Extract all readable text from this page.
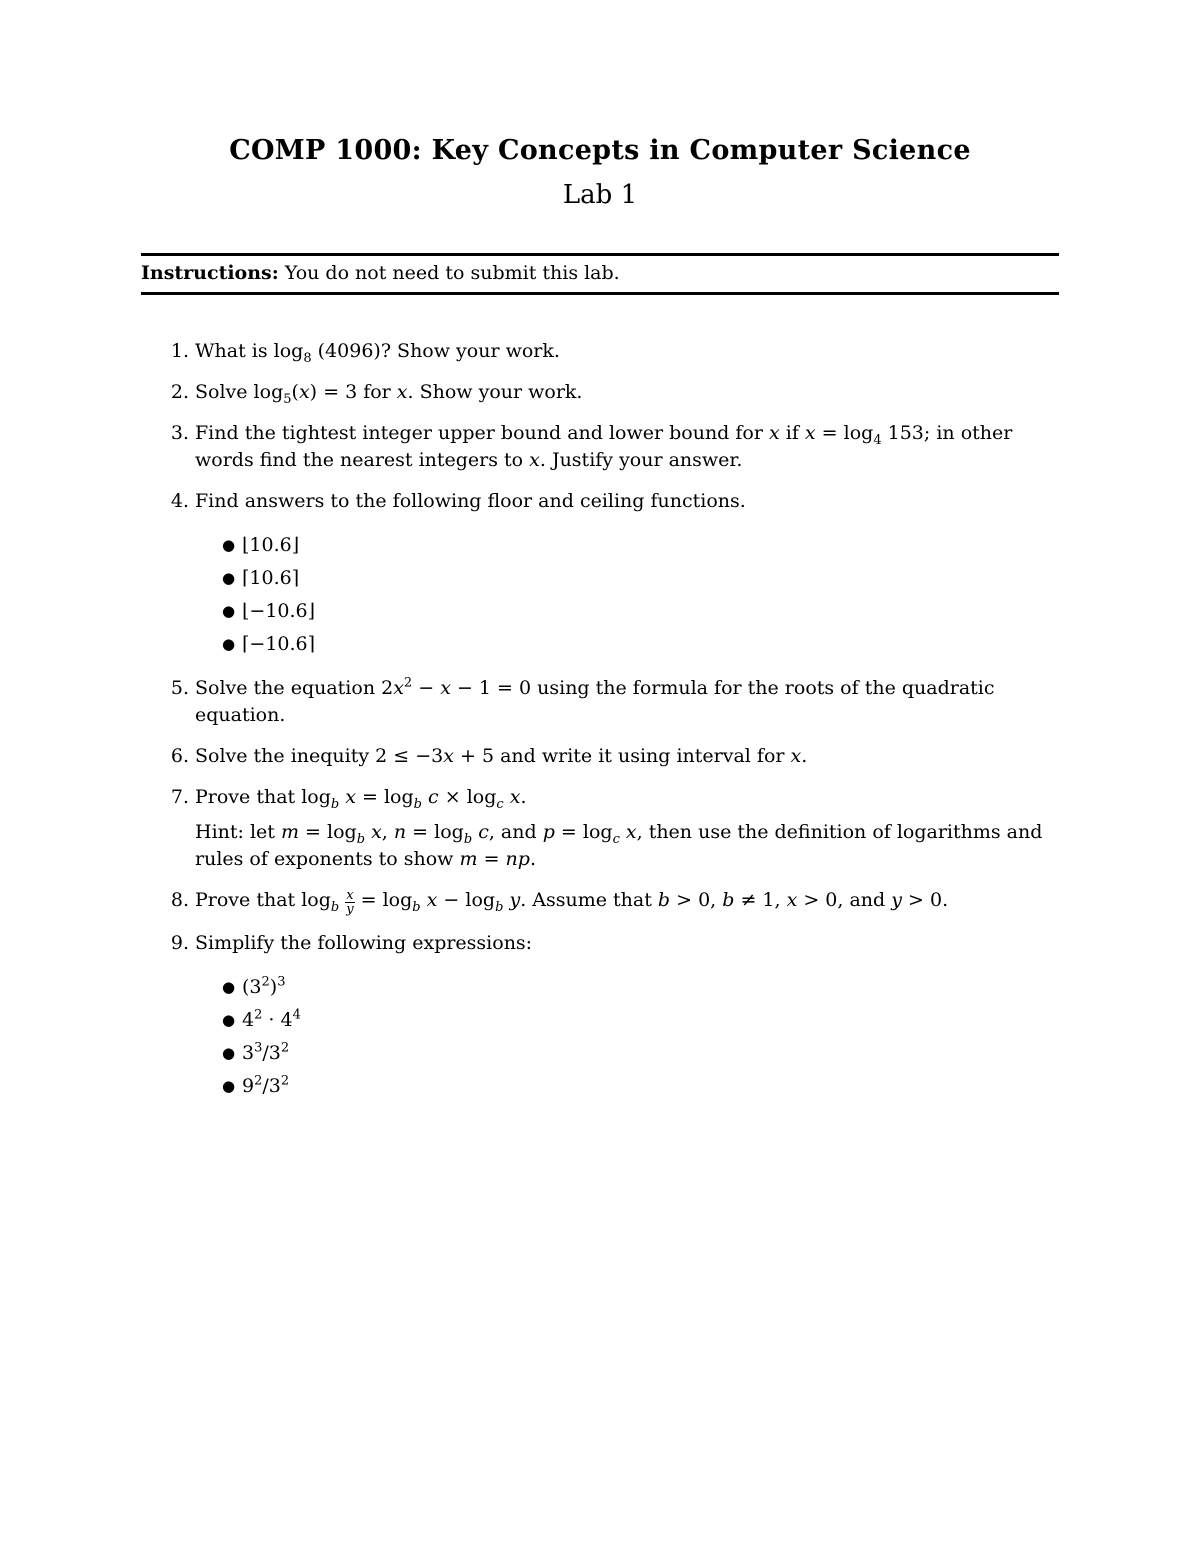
COMP 1000: Key Concepts in Computer Science
Lab 1
Instructions: You do not need to submit this lab.
1. What is $\log_8 (4096)$? Show your work.
2. Solve $\log_5(x) = 3$ for x. Show your work.
3. Find the tightest integer upper bound and lower bound for x if $x = \log_4 153$; in other words find the nearest integers to x. Justify your answer.
4. Find answers to the following floor and ceiling functions.
● ⌊10.6⌋
● ⌈10.6⌉
● ⌊−10.6⌋
● ⌈−10.6⌉
5. Solve the equation $2x^2 - x - 1 = 0$ using the formula for the roots of the quadratic equation.
6. Solve the inequity 2 ≤ −3x + 5 and write it using interval for x.
7. Prove that $\log_b x = \log_b c \times \log_c x$.
Hint: let $m = \log_b x$, $n = \log_b c$, and $p = \log_c x$, then use the definition of logarithms and rules of exponents to show m = np.
8. Prove that $\log_b \frac{x}{y} = \log_b x - \log_b y$. Assume that b > 0, b ≠ 1, x > 0, and y > 0.
9. Simplify the following expressions:
● $(3^2)^3$
● $4^2 \cdot 4^4$
● $3^3/3^2$
● $9^2/3^2$
